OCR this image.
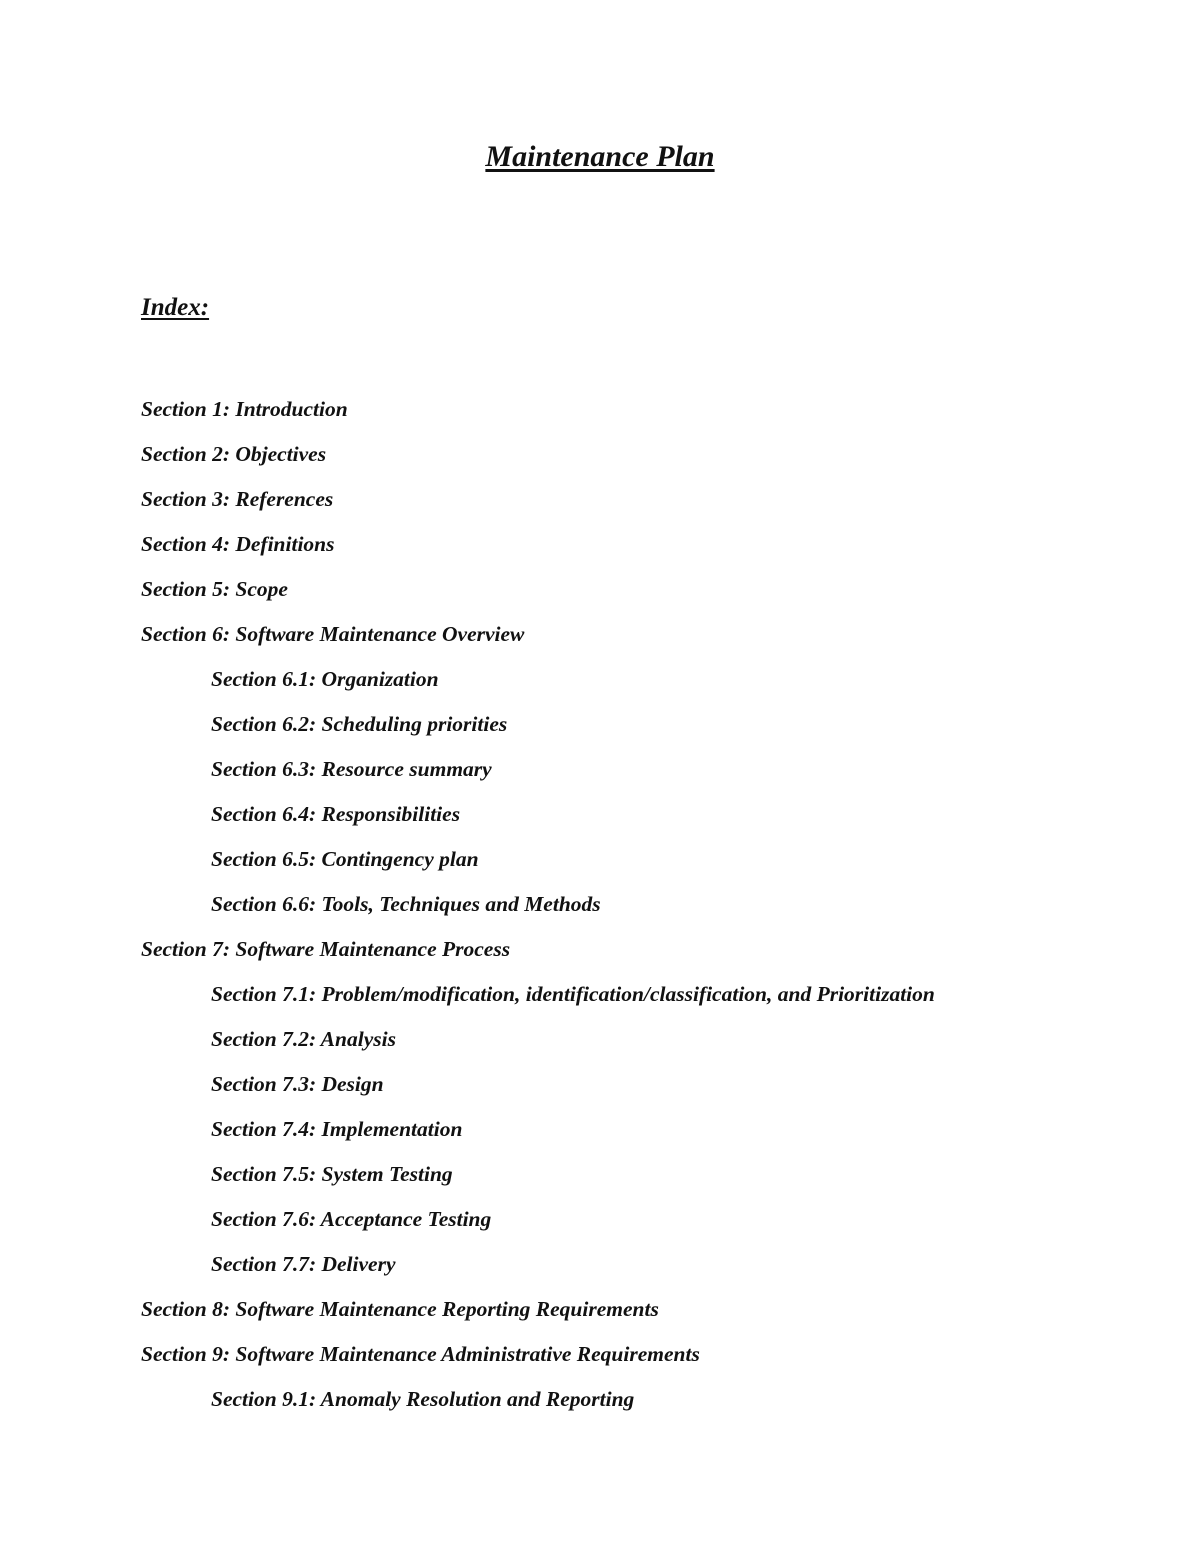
Maintenance Plan
Index:
Section 1: Introduction
Section 2: Objectives
Section 3: References
Section 4: Definitions
Section 5: Scope
Section 6: Software Maintenance Overview
Section 6.1: Organization
Section 6.2: Scheduling priorities
Section 6.3: Resource summary
Section 6.4: Responsibilities
Section 6.5: Contingency plan
Section 6.6: Tools, Techniques and Methods
Section 7: Software Maintenance Process
Section 7.1: Problem/modification, identification/classification, and Prioritization
Section 7.2: Analysis
Section 7.3: Design
Section 7.4: Implementation
Section 7.5: System Testing
Section 7.6: Acceptance Testing
Section 7.7: Delivery
Section 8: Software Maintenance Reporting Requirements
Section 9: Software Maintenance Administrative Requirements
Section 9.1: Anomaly Resolution and Reporting
